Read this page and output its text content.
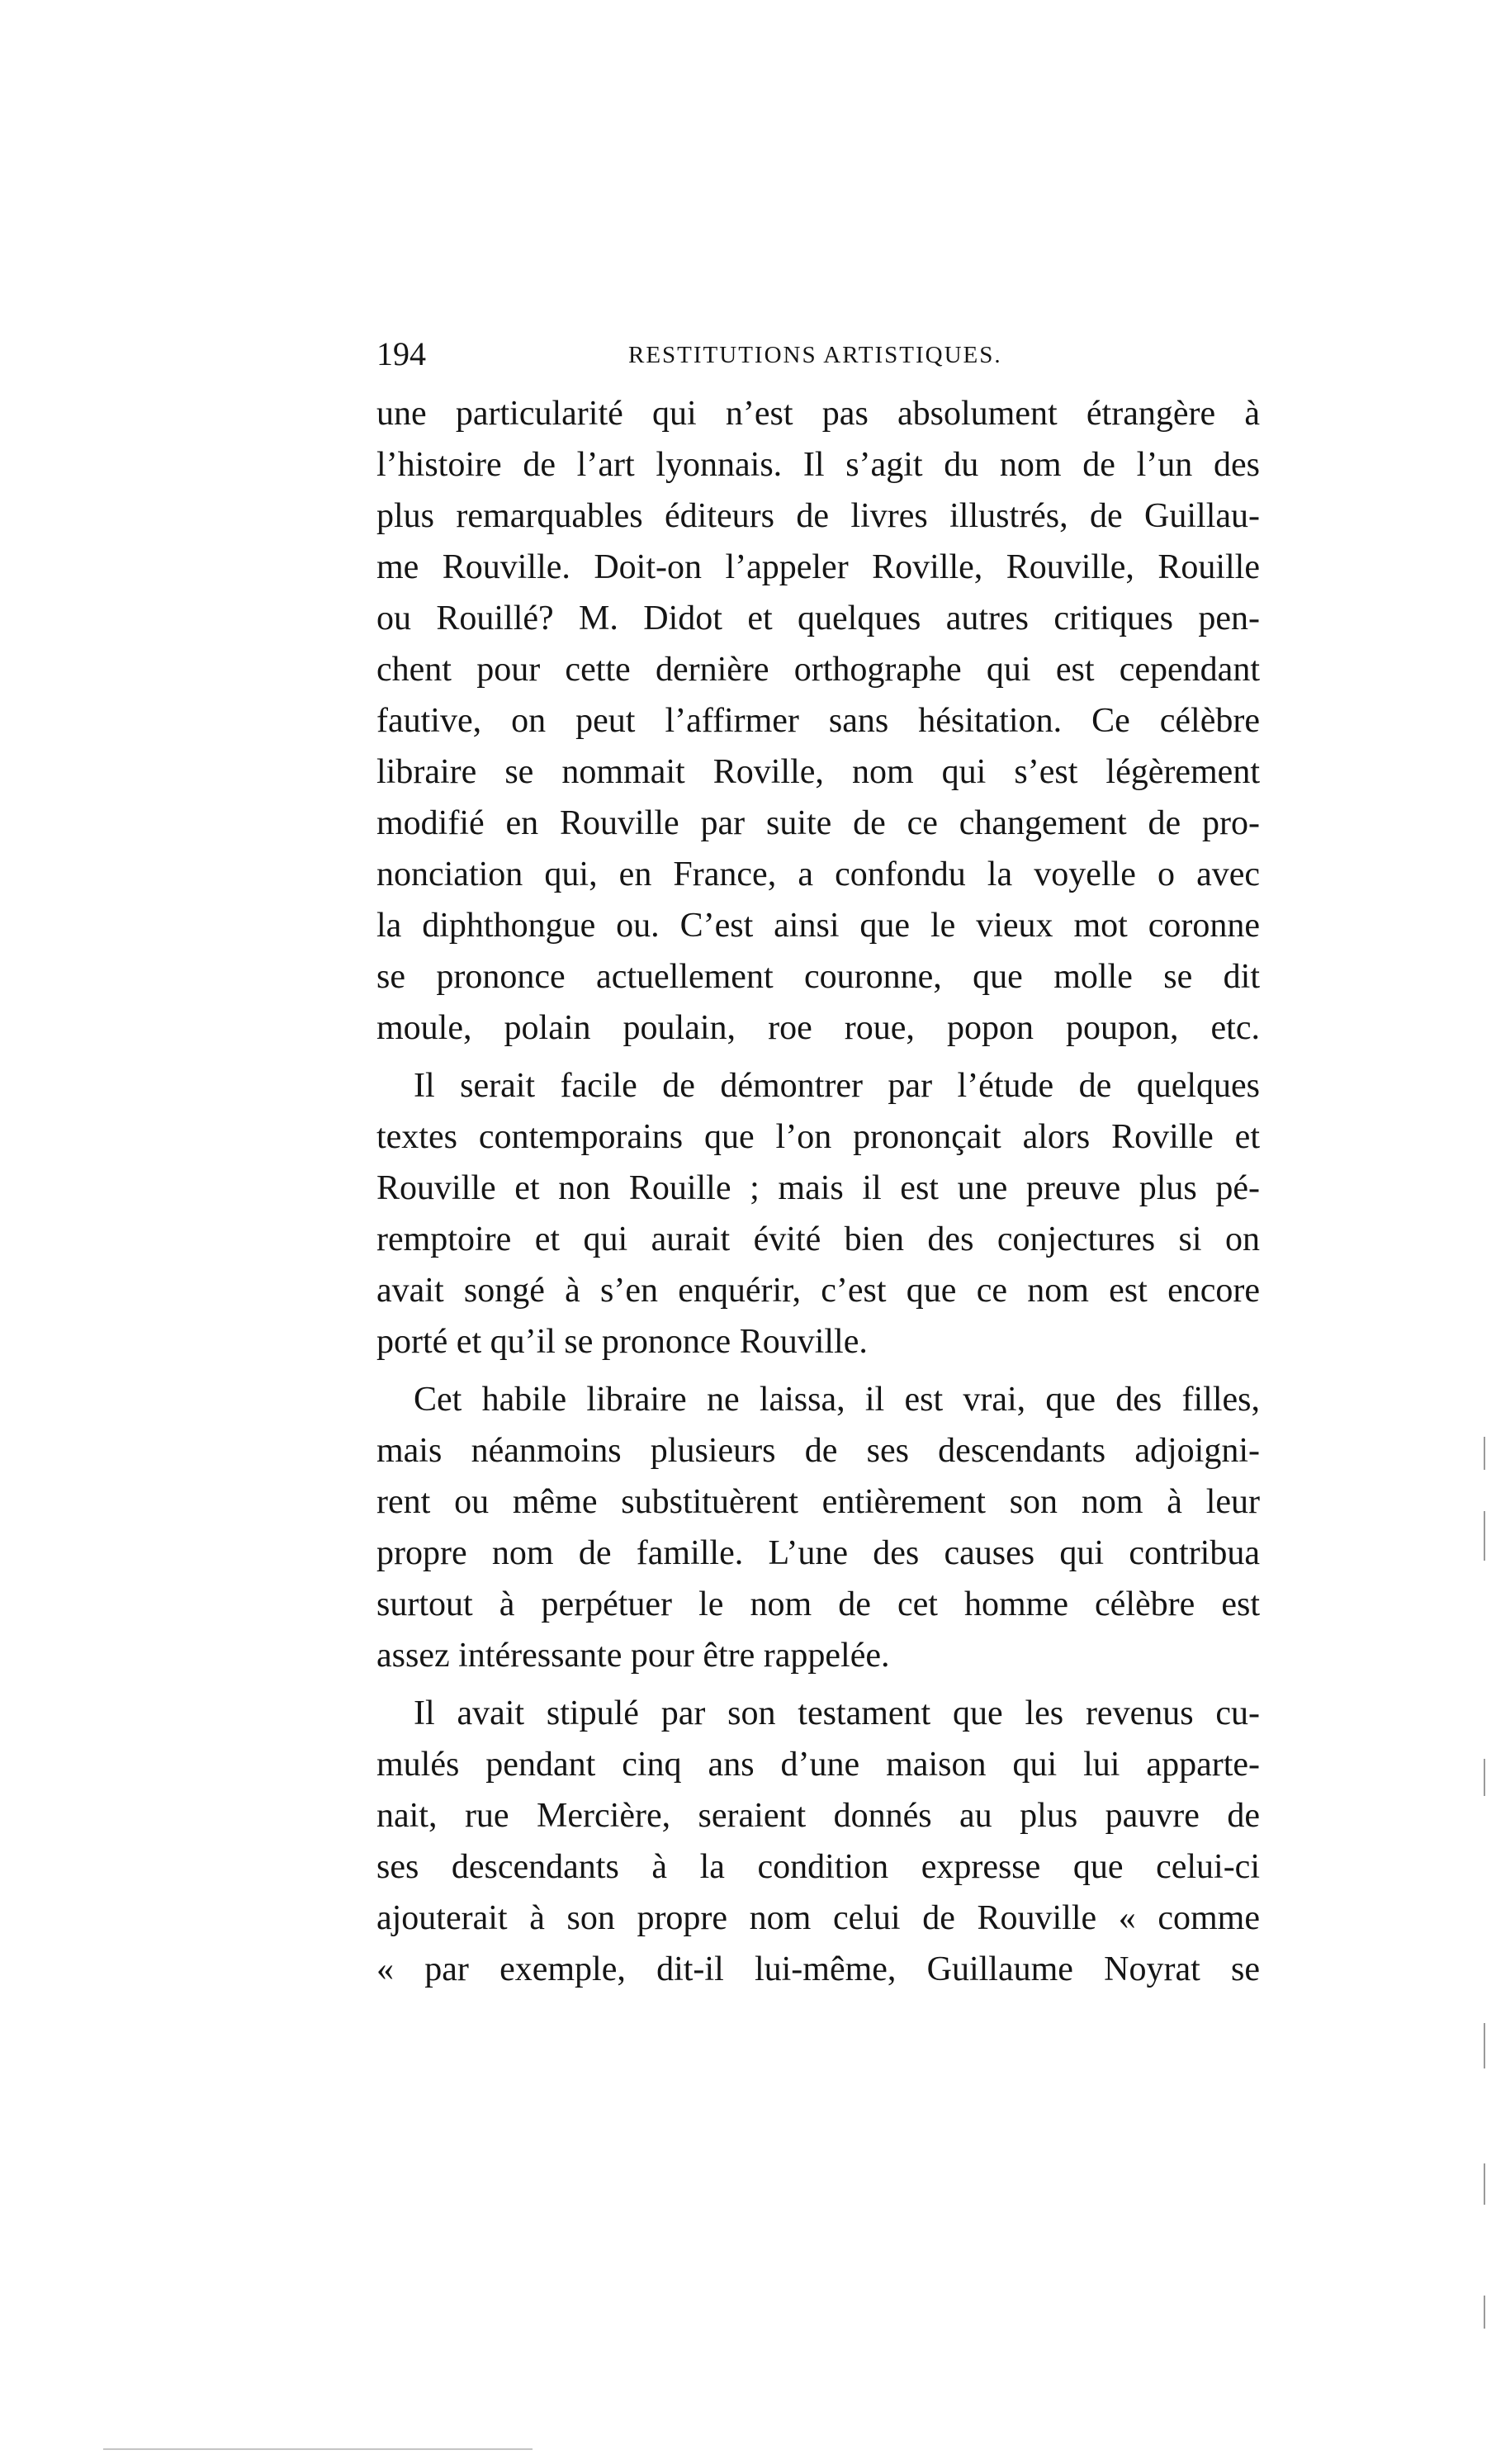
194	RESTITUTIONS ARTISTIQUES.
une particularité qui n’est pas absolument étrangère à
l’histoire de l’art lyonnais. Il s’agit du nom de l’un des
plus remarquables éditeurs de livres illustrés, de Guillau-
me Rouville. Doit-on l’appeler Roville, Rouville, Rouille
ou Rouillé? M. Didot et quelques autres critiques pen-
chent pour cette dernière orthographe qui est cependant
fautive, on peut l’affirmer sans hésitation. Ce célèbre
libraire se nommait Roville, nom qui s’est légèrement
modifié en Rouville par suite de ce changement de pro-
nonciation qui, en France, a confondu la voyelle o avec
la diphthongue ou. C’est ainsi que le vieux mot coronne
se prononce actuellement couronne, que molle se dit
moule, polain poulain, roe roue, popon poupon, etc.
Il serait facile de démontrer par l’étude de quelques
textes contemporains que l’on prononçait alors Roville et
Rouville et non Rouille ; mais il est une preuve plus pé-
remptoire et qui aurait évité bien des conjectures si on
avait songé à s’en enquérir, c’est que ce nom est encore
porté et qu’il se prononce Rouville.
Cet habile libraire ne laissa, il est vrai, que des filles,
mais néanmoins plusieurs de ses descendants adjoigni-
rent ou même substituèrent entièrement son nom à leur
propre nom de famille. L’une des causes qui contribua
surtout à perpétuer le nom de cet homme célèbre est
assez intéressante pour être rappelée.
Il avait stipulé par son testament que les revenus cu-
mulés pendant cinq ans d’une maison qui lui apparte-
nait, rue Mercière, seraient donnés au plus pauvre de
ses descendants à la condition expresse que celui-ci
ajouterait à son propre nom celui de Rouville « comme
« par exemple, dit-il lui-même, Guillaume Noyrat se
